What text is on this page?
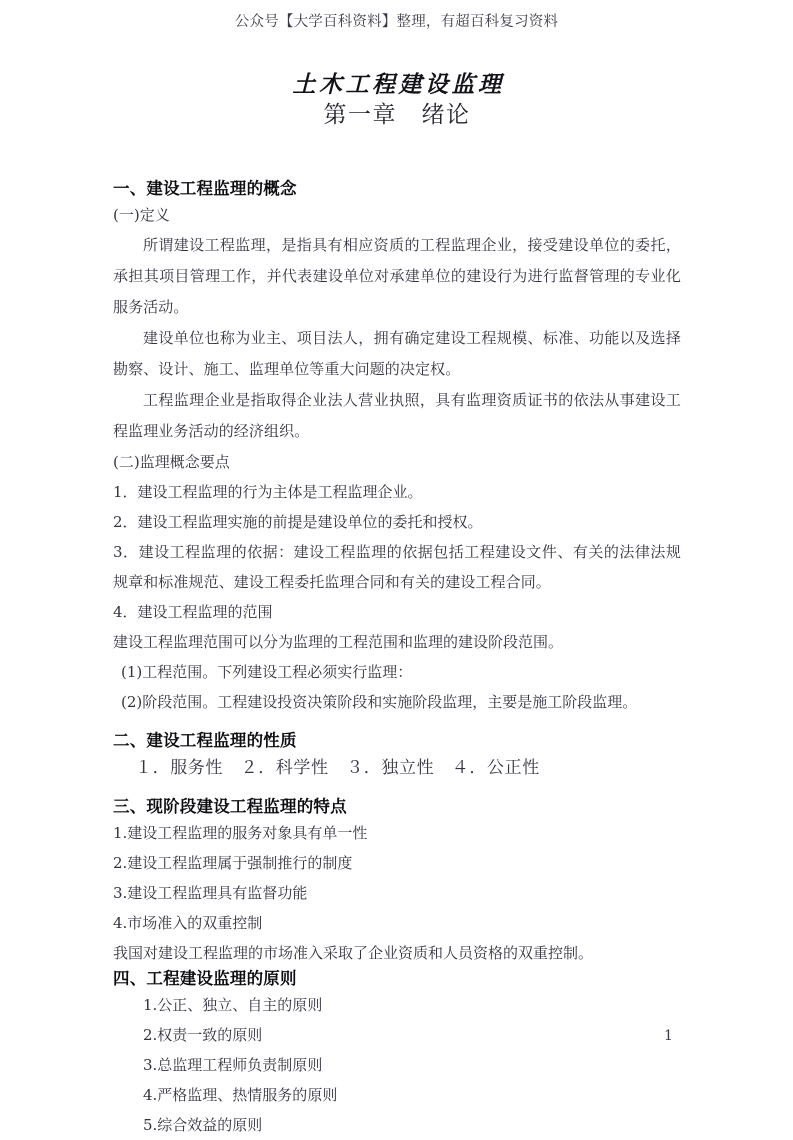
公众号【大学百科资料】整理，有超百科复习资料
土木工程建设监理
第一章　绪论
一、建设工程监理的概念
(一)定义
所谓建设工程监理，是指具有相应资质的工程监理企业，接受建设单位的委托，承担其项目管理工作，并代表建设单位对承建单位的建设行为进行监督管理的专业化服务活动。
建设单位也称为业主、项目法人，拥有确定建设工程规模、标准、功能以及选择勘察、设计、施工、监理单位等重大问题的决定权。
工程监理企业是指取得企业法人营业执照，具有监理资质证书的依法从事建设工程监理业务活动的经济组织。
(二)监理概念要点
1．建设工程监理的行为主体是工程监理企业。
2．建设工程监理实施的前提是建设单位的委托和授权。
3．建设工程监理的依据：建设工程监理的依据包括工程建设文件、有关的法律法规规章和标准规范、建设工程委托监理合同和有关的建设工程合同。
4．建设工程监理的范围
建设工程监理范围可以分为监理的工程范围和监理的建设阶段范围。
(1)工程范围。下列建设工程必须实行监理：
(2)阶段范围。工程建设投资决策阶段和实施阶段监理，主要是施工阶段监理。
二、建设工程监理的性质
１．服务性　２．科学性　３．独立性　４．公正性
三、现阶段建设工程监理的特点
1.建设工程监理的服务对象具有单一性
2.建设工程监理属于强制推行的制度
3.建设工程监理具有监督功能
4.市场准入的双重控制
我国对建设工程监理的市场准入采取了企业资质和人员资格的双重控制。
四、工程建设监理的原则
1.公正、独立、自主的原则
2.权责一致的原则
3.总监理工程师负责制原则
4.严格监理、热情服务的原则
5.综合效益的原则
1
